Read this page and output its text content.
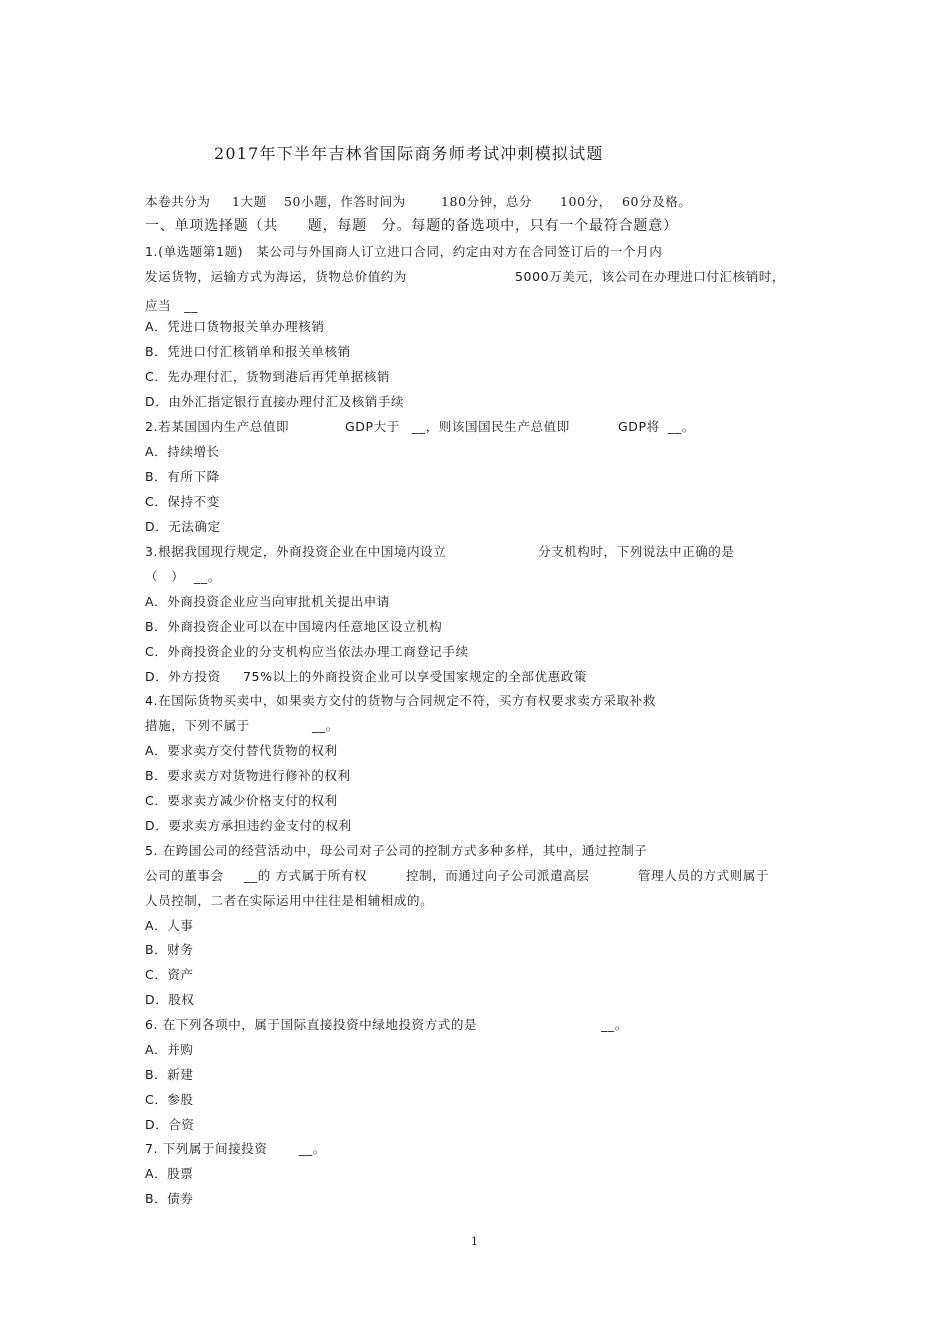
2017年下半年吉林省国际商务师考试冲刺模拟试题
本卷共分为 1大题 50小题，作答时间为	180分钟，总分 100分， 60分及格。
一、单项选择题（共　　题，每题　分。每题的备选项中，只有一个最符合题意）
1.(单选题第1题)　某公司与外国商人订立进口合同，约定由对方在合同签订后的一个月内
发运货物，运输方式为海运，货物总价值约为	5000万美元，该公司在办理进口付汇核销时，
应当　__
A．凭进口货物报关单办理核销
B．凭进口付汇核销单和报关单核销
C．先办理付汇，货物到港后再凭单据核销
D．由外汇指定银行直接办理付汇及核销手续
2.若某国国内生产总值即	GDP大于 __，则该国国民生产总值即	GDP将 __。
A．持续增长
B．有所下降
C．保持不变
D．无法确定
3.根据我国现行规定，外商投资企业在中国境内设立	分支机构时，下列说法中正确的是
（　） __。
A．外商投资企业应当向审批机关提出申请
B．外商投资企业可以在中国境内任意地区设立机构
C．外商投资企业的分支机构应当依法办理工商登记手续
D．外方投资 75%以上的外商投资企业可以享受国家规定的全部优惠政策
4.在国际货物买卖中，如果卖方交付的货物与合同规定不符，买方有权要求卖方采取补救
措施，下列不属于	__。
A．要求卖方交付替代货物的权利
B．要求卖方对货物进行修补的权利
C．要求卖方减少价格支付的权利
D．要求卖方承担违约金支付的权利
5. 在跨国公司的经营活动中，母公司对子公司的控制方式多种多样，其中，通过控制子
公司的董事会 __的 方式属于所有权	控制，而通过向子公司派遣高层	管理人员的方式则属于
人员控制，二者在实际运用中往往是相辅相成的。
A．人事
B．财务
C．资产
D．股权
6. 在下列各项中，属于国际直接投资中绿地投资方式的是	__。
A．并购
B．新建
C．参股
D．合资
7. 下列属于间接投资	__。
A．股票
B．债券
1
